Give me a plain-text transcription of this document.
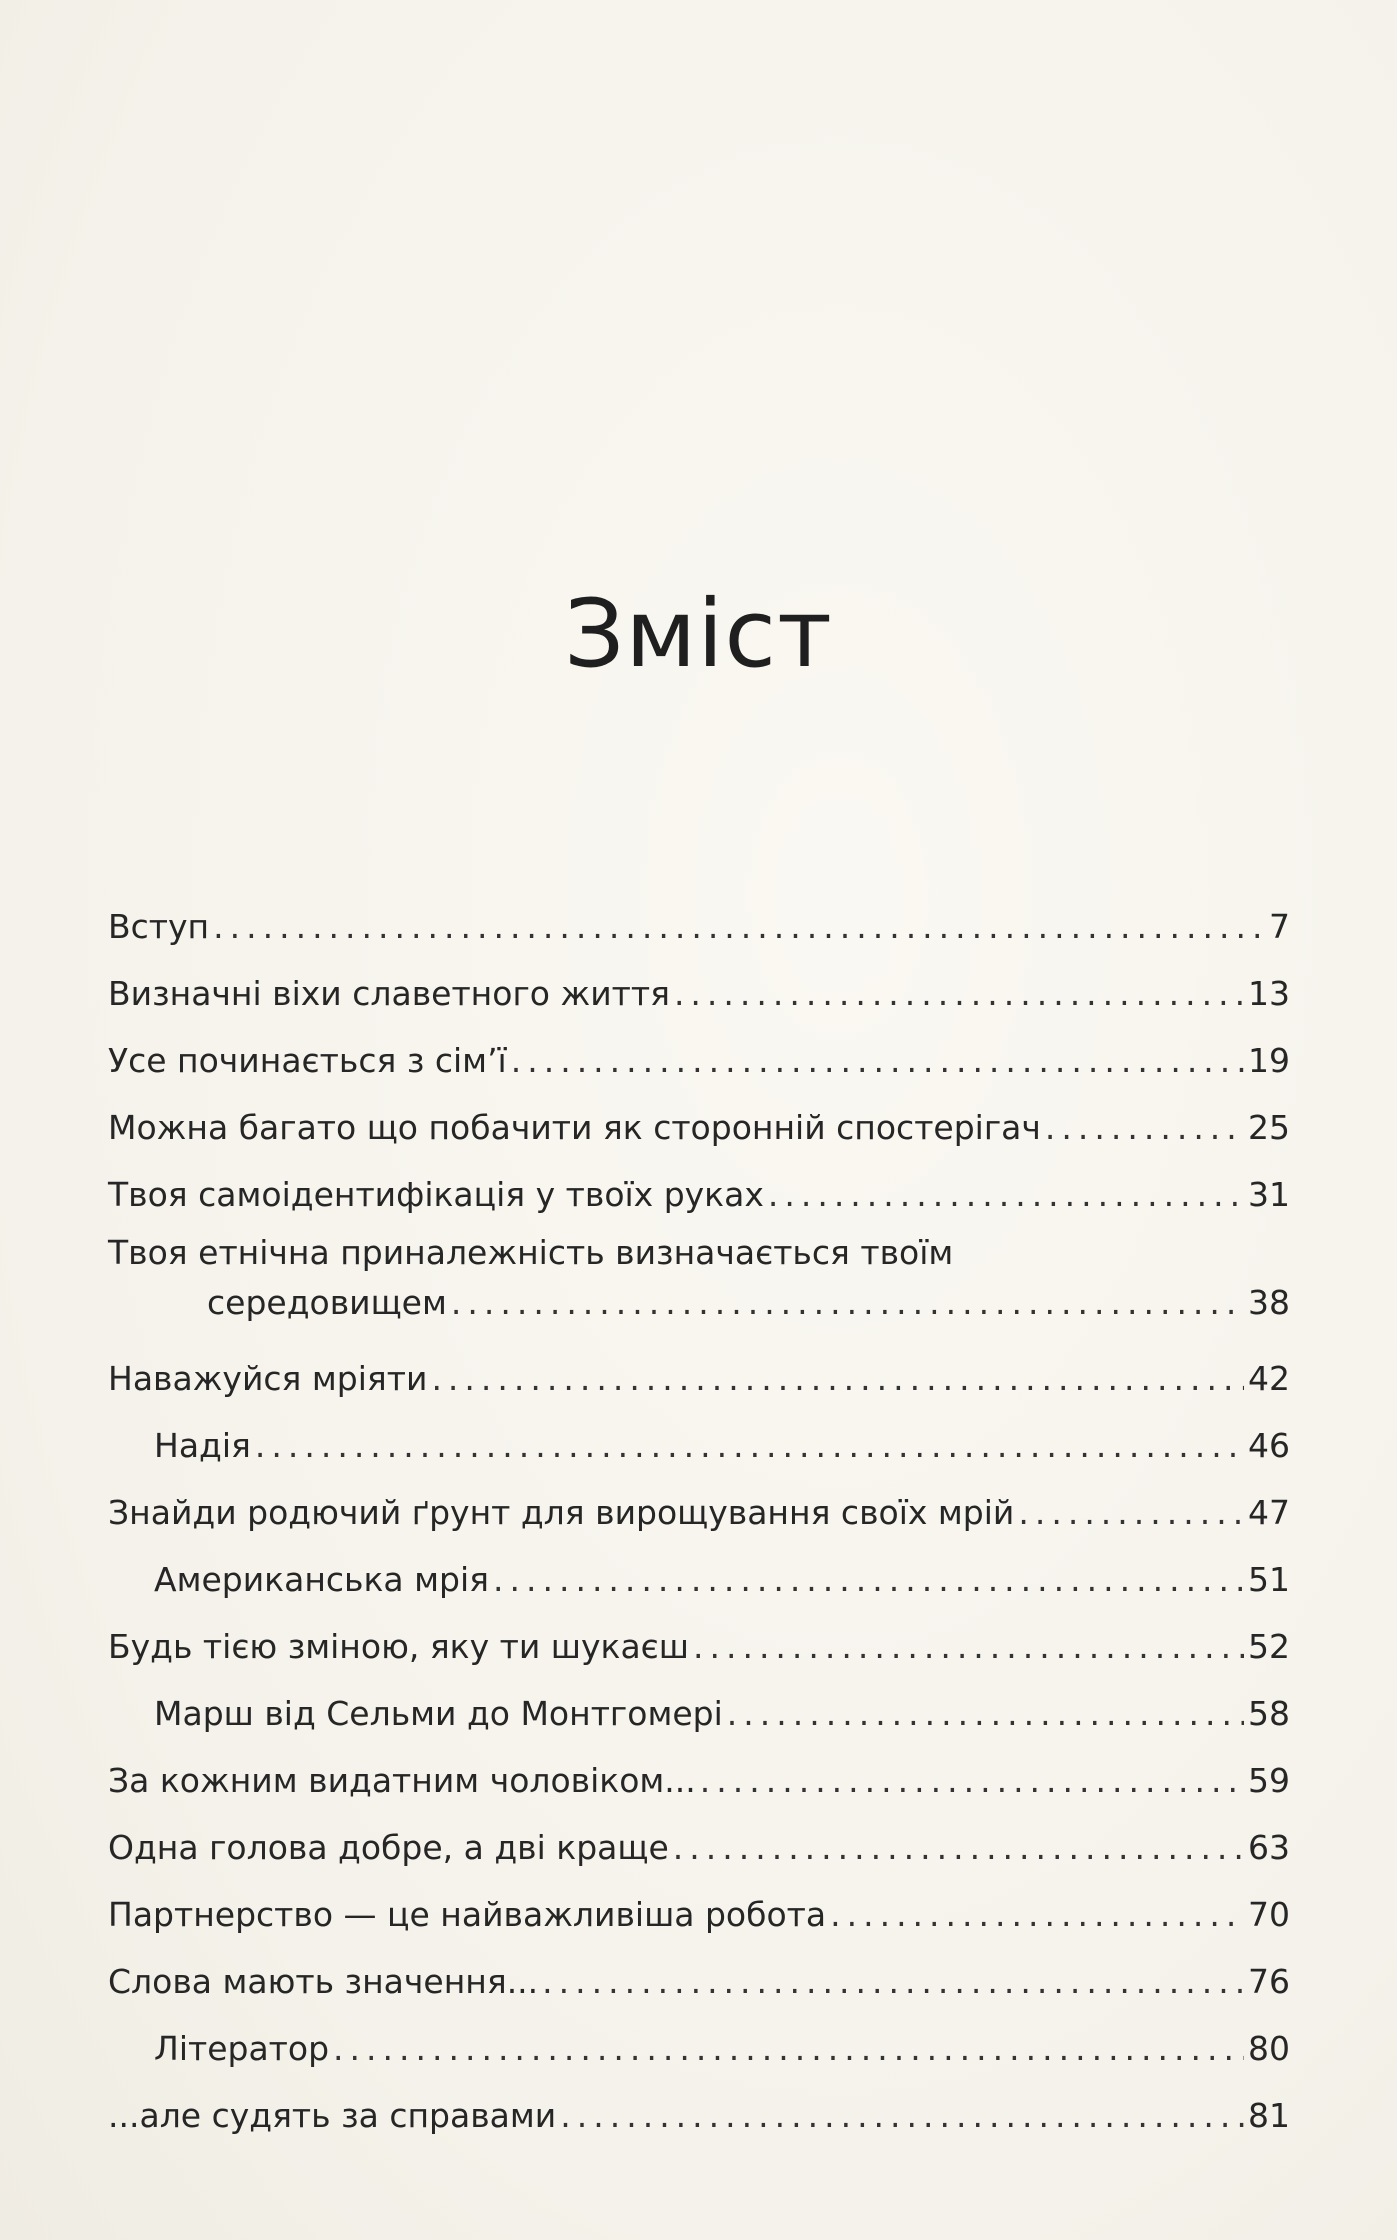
Зміст
Вступ .....	7
Визначні віхи славетного життя .....	13
Усе починається з сім’ї .....	19
Можна багато що побачити як сторонній спостерігач .....	25
Твоя самоідентифікація у твоїх руках .....	31
Твоя етнічна приналежність визначається твоїм
середовищем .....	38
Наважуйся мріяти .....	42
Надія .....	46
Знайди родючий ґрунт для вирощування своїх мрій .....	47
Американська мрія .....	51
Будь тією зміною, яку ти шукаєш .....	52
Марш від Сельми до Монтгомері .....	58
За кожним видатним чоловіком... .....	59
Одна голова добре, а дві краще .....	63
Партнерство — це найважливіша робота .....	70
Слова мають значення... .....	76
Літератор .....	80
...але судять за справами .....	81
